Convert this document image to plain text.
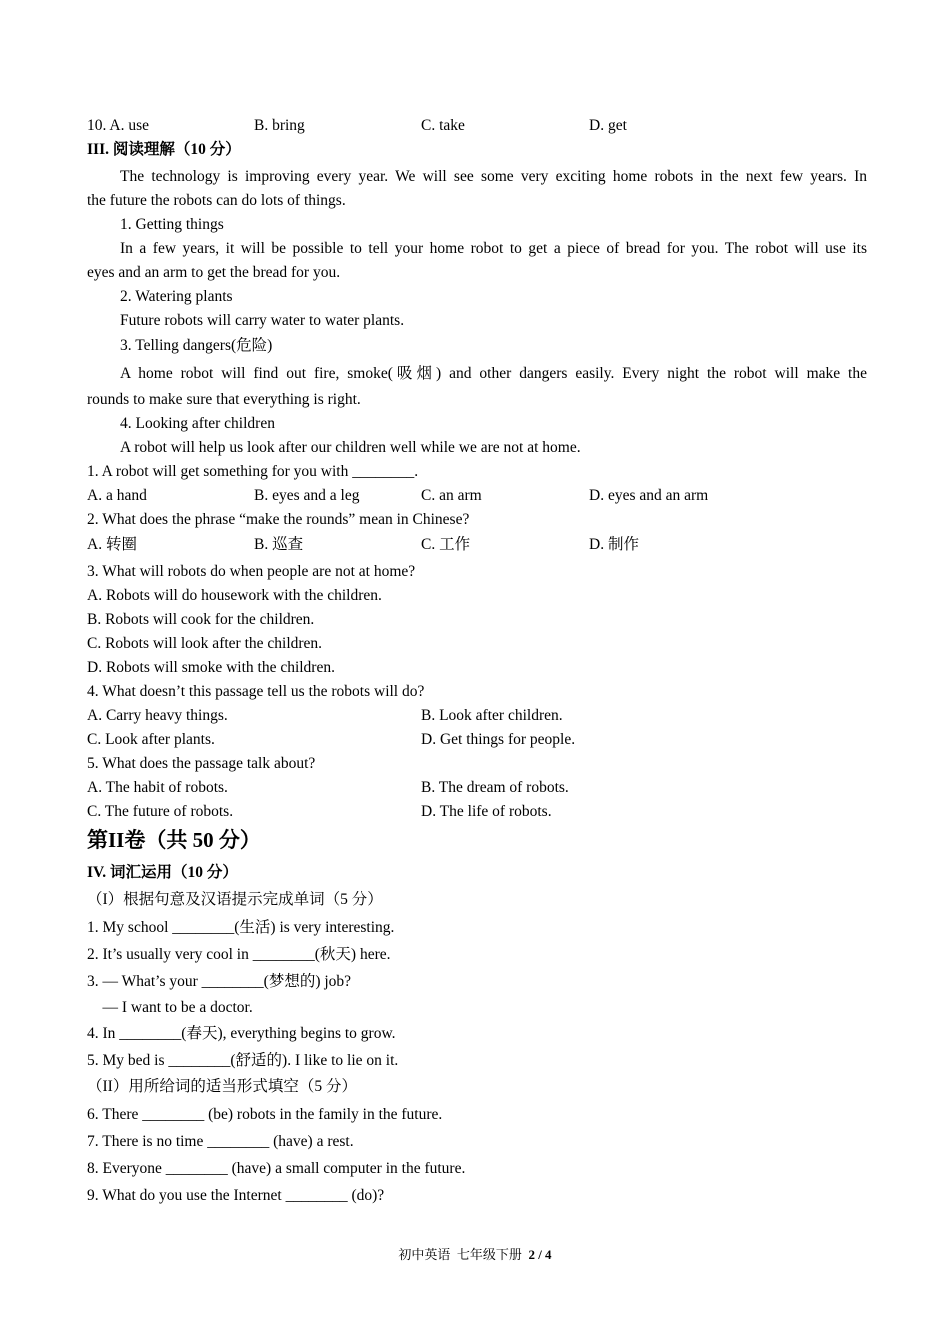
10. A. use	B. bring	C. take	D. get
III. 阅读理解（10 分）
The technology is improving every year. We will see some very exciting home robots in the next few years. In
the future the robots can do lots of things.
1. Getting things
In a few years, it will be possible to tell your home robot to get a piece of bread for you. The robot will use its
eyes and an arm to get the bread for you.
2. Watering plants
Future robots will carry water to water plants.
3. Telling dangers(危险)
A home robot will find out fire, smoke(吸烟) and other dangers easily. Every night the robot will make the
rounds to make sure that everything is right.
4. Looking after children
A robot will help us look after our children well while we are not at home.
1. A robot will get something for you with ________.
A. a hand	B. eyes and a leg	C. an arm	D. eyes and an arm
2. What does the phrase “make the rounds” mean in Chinese?
A. 转圈	B. 巡查	C. 工作	D. 制作
3. What will robots do when people are not at home?
A. Robots will do housework with the children.
B. Robots will cook for the children.
C. Robots will look after the children.
D. Robots will smoke with the children.
4. What doesn’t this passage tell us the robots will do?
A. Carry heavy things.	B. Look after children.
C. Look after plants.	D. Get things for people.
5. What does the passage talk about?
A. The habit of robots.	B. The dream of robots.
C. The future of robots.	D. The life of robots.
第II卷（共 50 分）
IV. 词汇运用（10 分）
（I）根据句意及汉语提示完成单词（5 分）
1. My school ________(生活) is very interesting.
2. It’s usually very cool in ________(秋天) here.
3. — What’s your ________(梦想的) job?
— I want to be a doctor.
4. In ________(春天), everything begins to grow.
5. My bed is ________(舒适的). I like to lie on it.
（II）用所给词的适当形式填空（5 分）
6. There ________ (be) robots in the family in the future.
7. There is no time ________ (have) a rest.
8. Everyone ________ (have) a small computer in the future.
9. What do you use the Internet ________ (do)?
初中英语  七年级下册  2 / 4
